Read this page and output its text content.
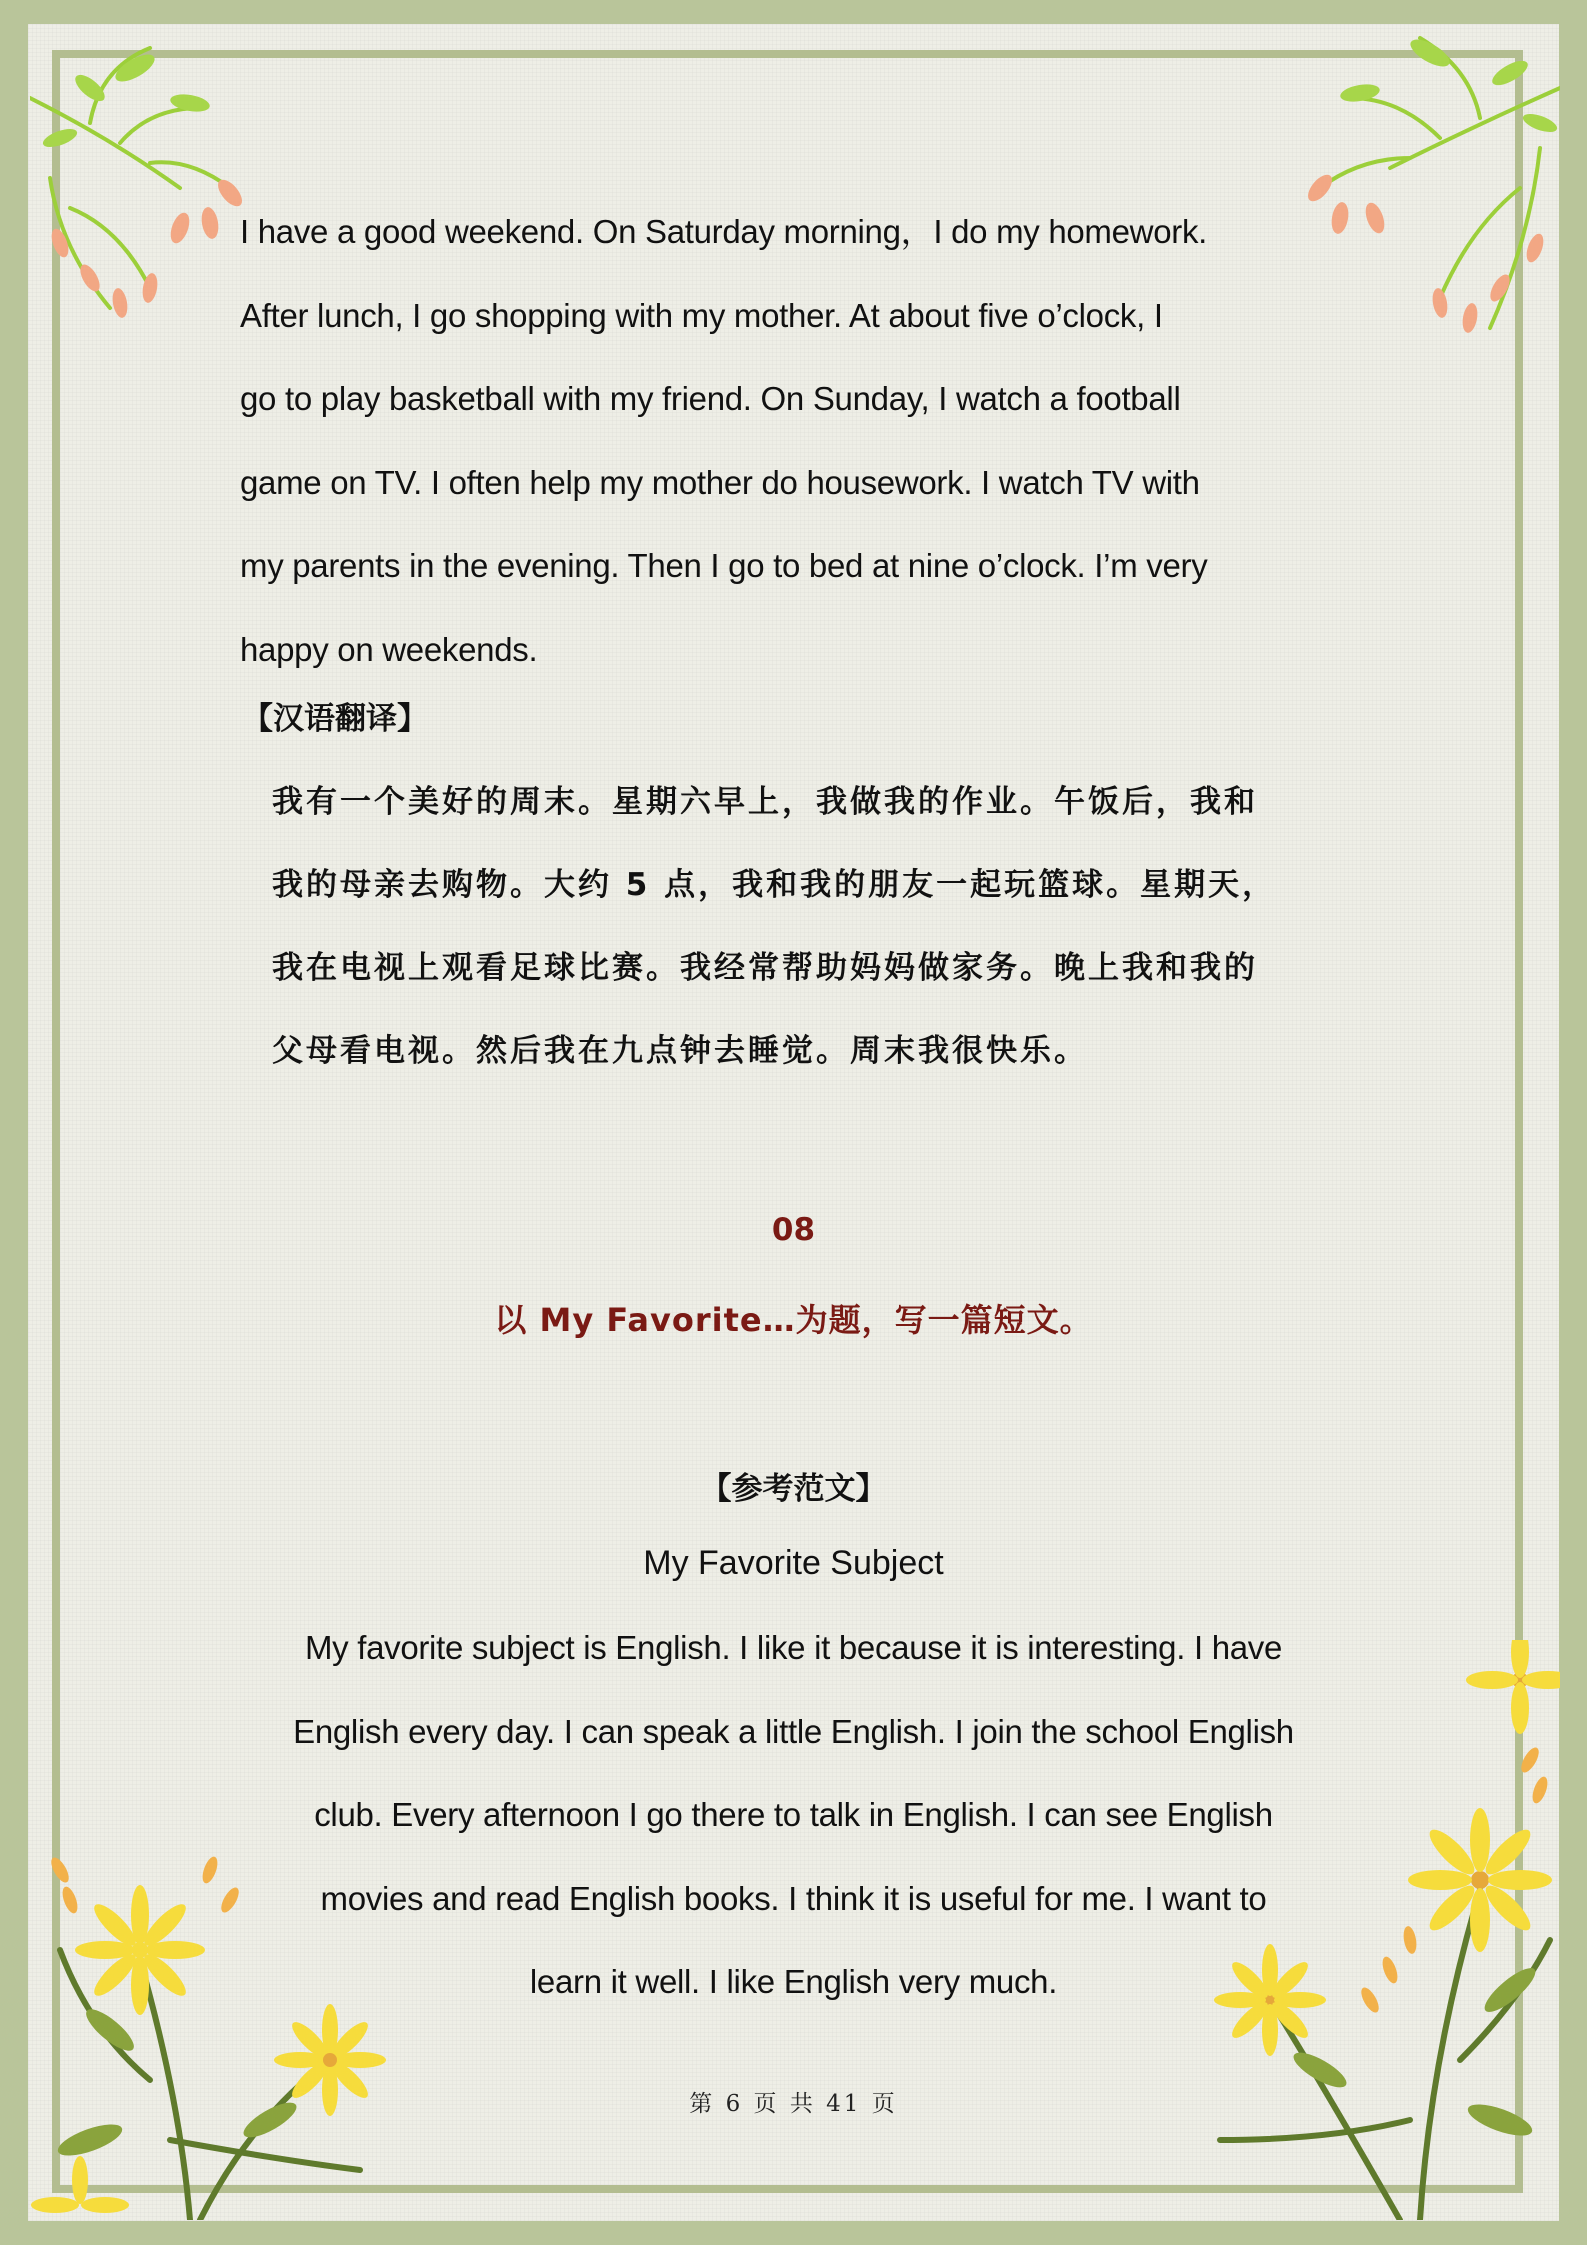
I have a good weekend. On Saturday morning，I do my homework.
After lunch, I go shopping with my mother. At about five o’clock, I
go to play basketball with my friend. On Sunday, I watch a football
game on TV. I often help my mother do housework. I watch TV with
my parents in the evening. Then I go to bed at nine o’clock. I’m very
happy on weekends.

【汉语翻译】

我有一个美好的周末。星期六早上，我做我的作业。午饭后，我和
我的母亲去购物。大约 5 点，我和我的朋友一起玩篮球。星期天，
我在电视上观看足球比赛。我经常帮助妈妈做家务。晚上我和我的
父母看电视。然后我在九点钟去睡觉。周末我很快乐。

08
以 My Favorite…为题，写一篇短文。
【参考范文】
My Favorite Subject
My favorite subject is English. I like it because it is interesting. I have
English every day. I can speak a little English. I join the school English
club. Every afternoon I go there to talk in English. I can see English
movies and read English books. I think it is useful for me. I want to
learn it well. I like English very much.
第 6 页 共 41 页
